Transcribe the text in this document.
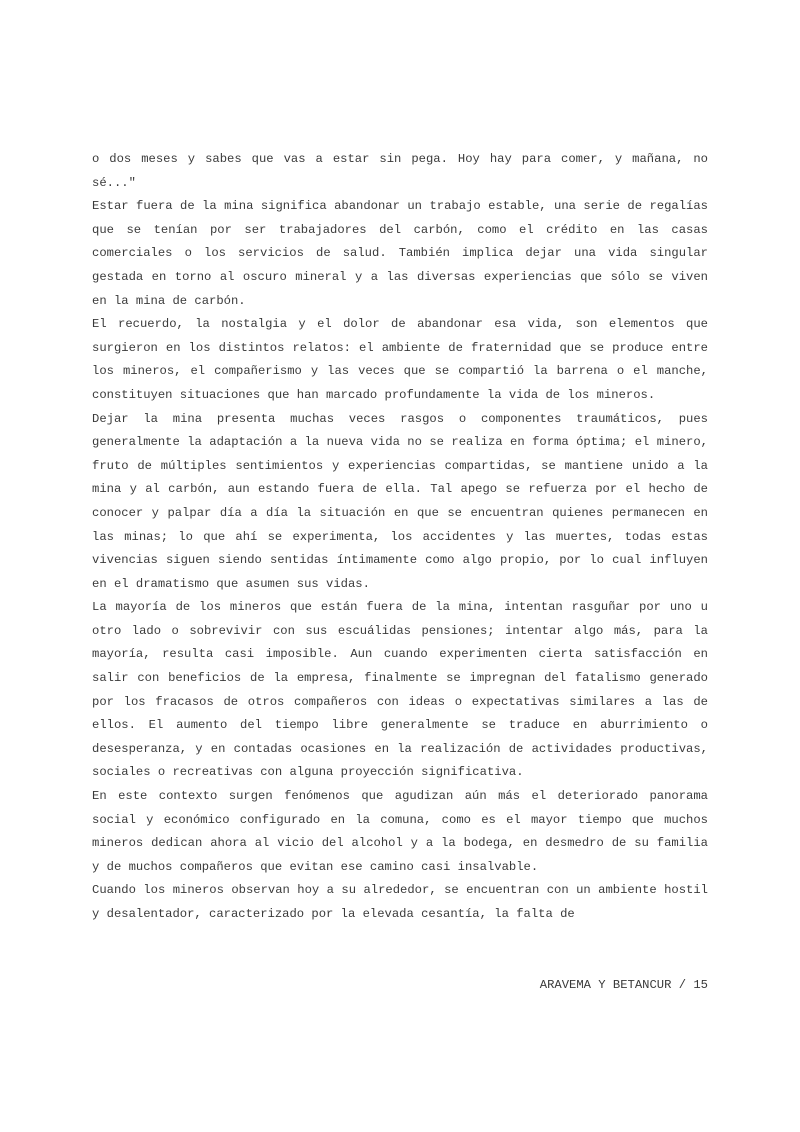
o dos meses y sabes que vas a estar sin pega. Hoy hay para comer, y mañana, no sé..."

Estar fuera de la mina significa abandonar un trabajo estable, una serie de regalías que se tenían por ser trabajadores del carbón, como el crédito en las casas comerciales o los servicios de salud. También implica dejar una vida singular gestada en torno al oscuro mineral y a las diversas experiencias que sólo se viven en la mina de carbón.

El recuerdo, la nostalgia y el dolor de abandonar esa vida, son elementos que surgieron en los distintos relatos: el ambiente de fraternidad que se produce entre los mineros, el compañerismo y las veces que se compartió la barrena o el manche, constituyen situaciones que han marcado profundamente la vida de los mineros.

Dejar la mina presenta muchas veces rasgos o componentes traumáticos, pues generalmente la adaptación a la nueva vida no se realiza en forma óptima; el minero, fruto de múltiples sentimientos y experiencias compartidas, se mantiene unido a la mina y al carbón, aun estando fuera de ella. Tal apego se refuerza por el hecho de conocer y palpar día a día la situación en que se encuentran quienes permanecen en las minas; lo que ahí se experimenta, los accidentes y las muertes, todas estas vivencias siguen siendo sentidas íntimamente como algo propio, por lo cual influyen en el dramatismo que asumen sus vidas.

La mayoría de los mineros que están fuera de la mina, intentan rasguñar por uno u otro lado o sobrevivir con sus escuálidas pensiones; intentar algo más, para la mayoría, resulta casi imposible. Aun cuando experimenten cierta satisfacción en salir con beneficios de la empresa, finalmente se impregnan del fatalismo generado por los fracasos de otros compañeros con ideas o expectativas similares a las de ellos. El aumento del tiempo libre generalmente se traduce en aburrimiento o desesperanza, y en contadas ocasiones en la realización de actividades productivas, sociales o recreativas con alguna proyección significativa.

En este contexto surgen fenómenos que agudizan aún más el deteriorado panorama social y económico configurado en la comuna, como es el mayor tiempo que muchos mineros dedican ahora al vicio del alcohol y a la bodega, en desmedro de su familia y de muchos compañeros que evitan ese camino casi insalvable.

Cuando los mineros observan hoy a su alrededor, se encuentran con un ambiente hostil y desalentador, caracterizado por la elevada cesantía, la falta de

ARAVEMA Y BETANCUR / 15
